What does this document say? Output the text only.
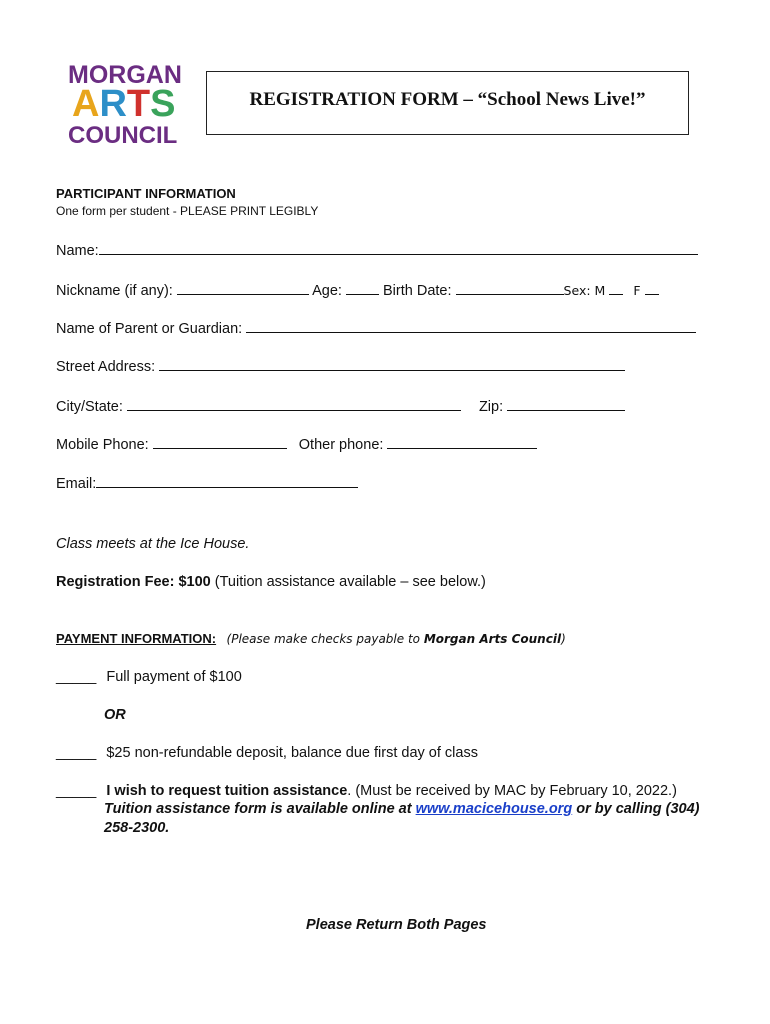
MORGAN
ARTS
COUNCIL
REGISTRATION FORM – “School News Live!”
PARTICIPANT INFORMATION
One form per student - PLEASE PRINT LEGIBLY
Name:
Nickname (if any):	Age:	Birth Date:	Sex: M F
Name of Parent or Guardian:
Street Address:
City/State:	Zip:
Mobile Phone:	Other phone:
Email:
Class meets at the Ice House.
Registration Fee: $100 (Tuition assistance available – see below.)
PAYMENT INFORMATION: (Please make checks payable to Morgan Arts Council)
_____ Full payment of $100
OR
_____ $25 non-refundable deposit, balance due first day of class
_____ I wish to request tuition assistance. (Must be received by MAC by February 10, 2022.)
Tuition assistance form is available online at www.macicehouse.org or by calling (304)
258-2300.
Please Return Both Pages
